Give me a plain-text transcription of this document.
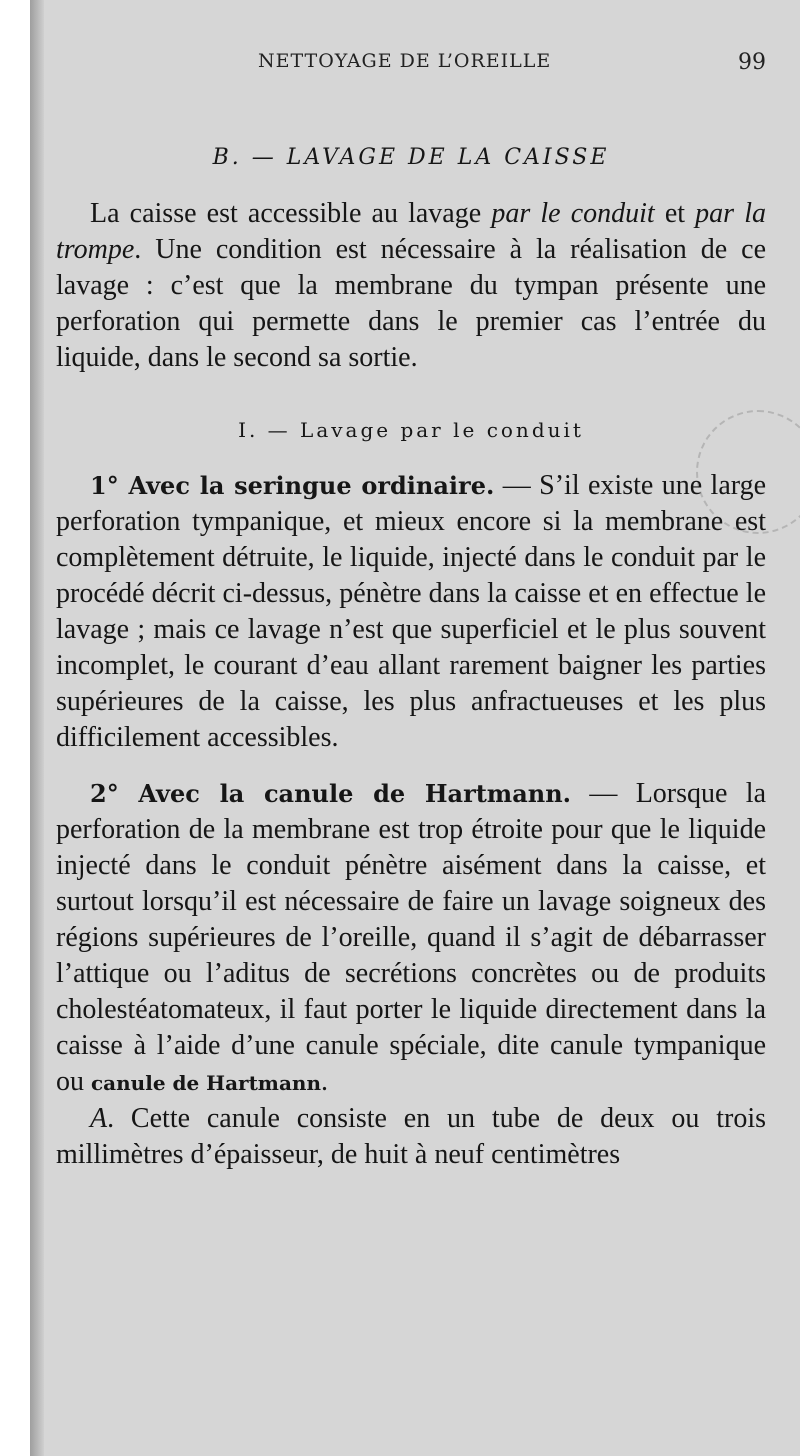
NETTOYAGE DE L’OREILLE	99
B. — LAVAGE DE LA CAISSE

La caisse est accessible au lavage par le conduit et par la trompe. Une condition est nécessaire à la réalisation de ce lavage : c’est que la membrane du tympan présente une perforation qui permette dans le premier cas l’entrée du liquide, dans le second sa sortie.

I. — Lavage par le conduit

1° Avec la seringue ordinaire. — S’il existe une large perforation tympanique, et mieux encore si la membrane est complètement détruite, le liquide, injecté dans le conduit par le procédé décrit ci-dessus, pénètre dans la caisse et en effectue le lavage ; mais ce lavage n’est que superficiel et le plus souvent incomplet, le courant d’eau allant rarement baigner les parties supérieures de la caisse, les plus anfractueuses et les plus difficilement accessibles.

2° Avec la canule de Hartmann. — Lorsque la perforation de la membrane est trop étroite pour que le liquide injecté dans le conduit pénètre aisément dans la caisse, et surtout lorsqu’il est nécessaire de faire un lavage soigneux des régions supérieures de l’oreille, quand il s’agit de débarrasser l’attique ou l’aditus de secrétions concrètes ou de produits cholestéatomateux, il faut porter le liquide directement dans la caisse à l’aide d’une canule spéciale, dite canule tympanique ou canule de Hartmann.

A. Cette canule consiste en un tube de deux ou trois millimètres d’épaisseur, de huit à neuf centimètres
